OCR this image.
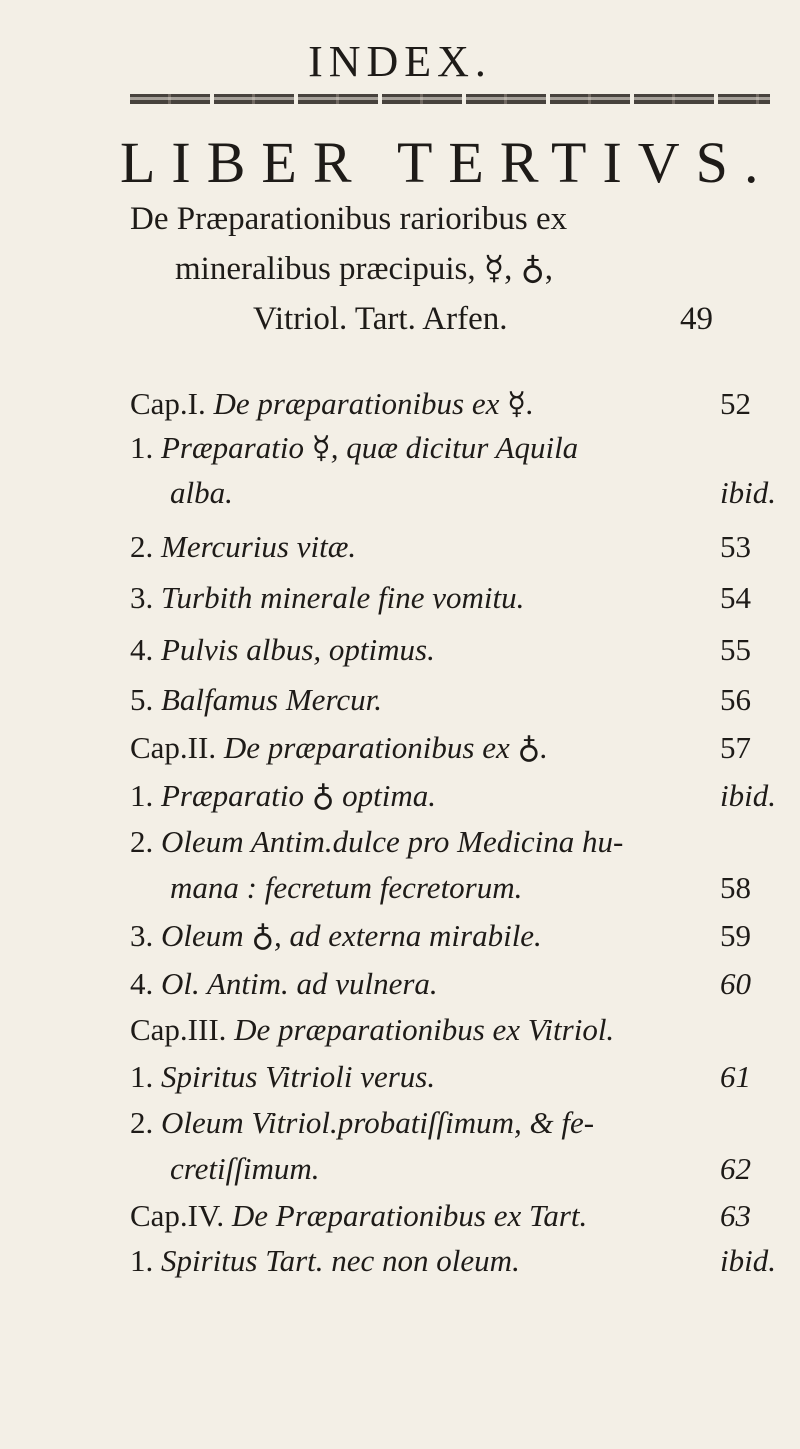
INDEX.
LIBER TERTIVS.
De Præparationibus rarioribus ex
mineralibus præcipuis, ☿, ♁,
Vitriol. Tart. Arfen.	49
Cap.I. De præparationibus ex ☿.	52
1. Præparatio ☿, quæ dicitur Aquila
alba.	ibid.
2. Mercurius vitæ.	53
3. Turbith minerale fine vomitu.	54
4. Pulvis albus, optimus.	55
5. Balfamus Mercur.	56
Cap.II. De præparationibus ex ♁.	57
1. Præparatio ♁ optima.	ibid.
2. Oleum Antim.dulce pro Medicina hu-
mana : fecretum fecretorum.	58
3. Oleum ♁, ad externa mirabile.	59
4. Ol. Antim. ad vulnera.	60
Cap.III. De præparationibus ex Vitriol.
1. Spiritus Vitrioli verus.	61
2. Oleum Vitriol.probatiſſimum, & fe-
cretiſſimum.	62
Cap.IV. De Præparationibus ex Tart.	63
1. Spiritus Tart. nec non oleum.	ibid.
